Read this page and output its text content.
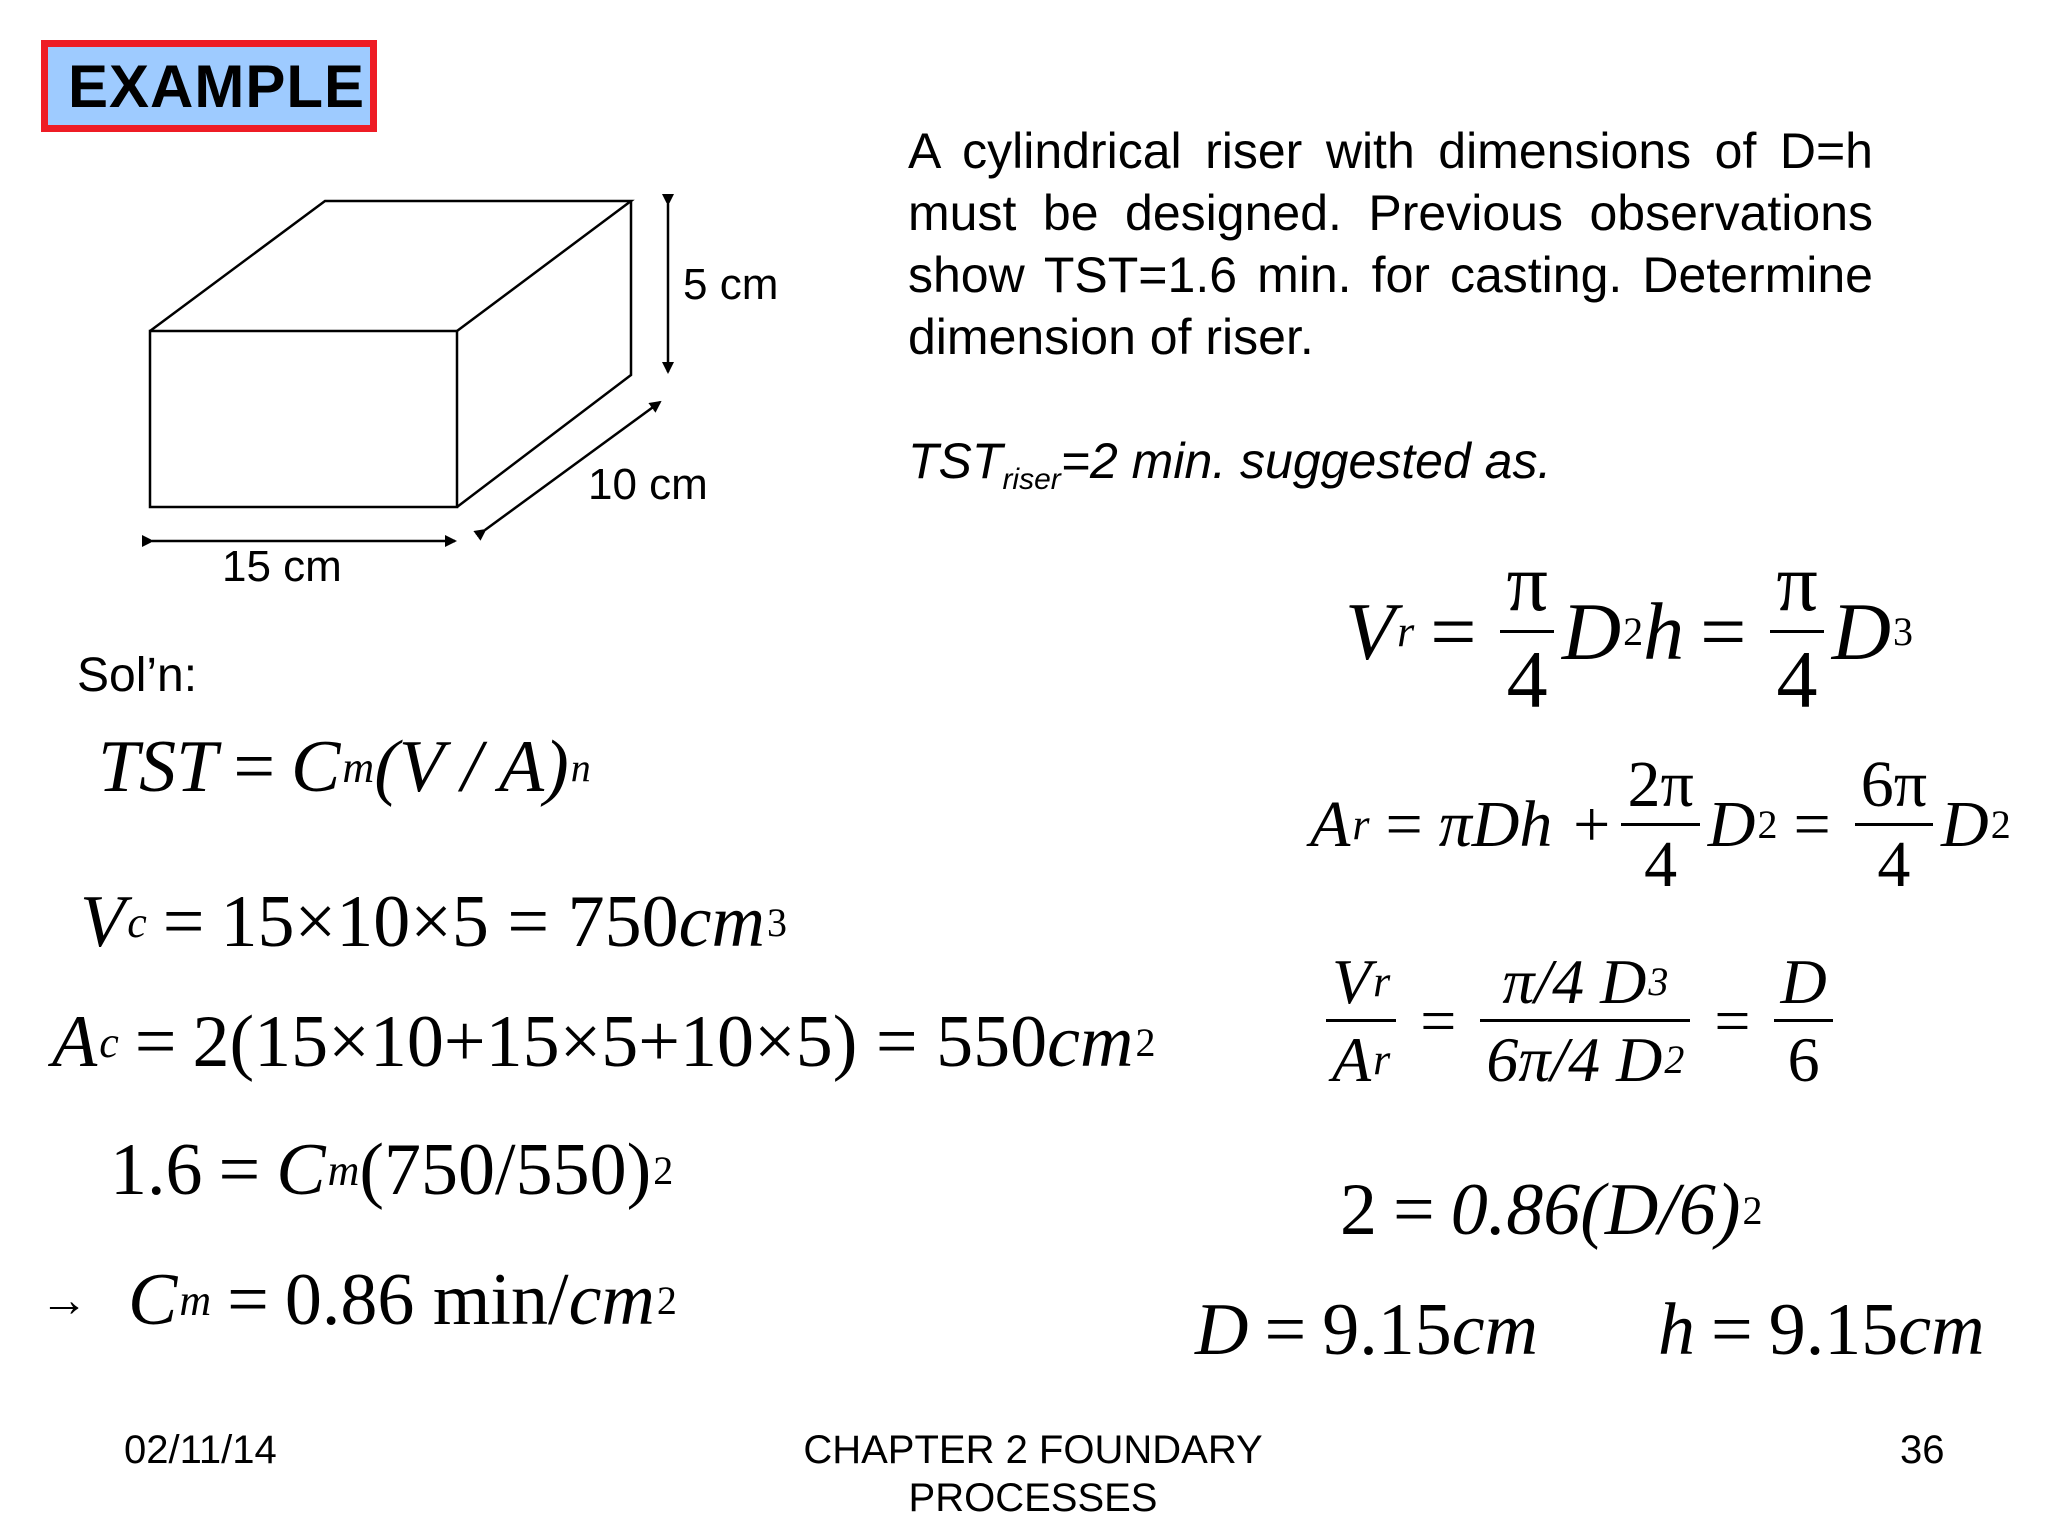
EXAMPLE
5 cm
10 cm
15 cm
A cylindrical riser with dimensions of D=h must be designed. Previous observations show TST=1.6 min. for casting. Determine dimension of riser.
$TST_{riser}=2$ min. suggested as.
Sol’n:
TST = C m (V / A) n
V c = 15×10×5 = 750 cm 3
A c = 2(15×10+15×5+10×5) = 550 cm 2
1.6 = C m (750/550) 2
→ C m = 0.86 min/ cm 2
V $r = \frac{\pi}{4}$ D 2 $h = \frac{\pi}{4}$ D 3
A $r = \pi Dh + \frac{2\pi}{4}$ D $2 = \frac{6\pi}{4}$ D 2
$\frac{\text{V r}}{\text{A r}} = \frac{\pi/4 D 3}{6\pi/4 D 2} = \frac{D}{6}$
2 = 0.86(D/6) 2
D = 9.15 cm h = 9.15 cm
02/11/14	CHAPTER 2 FOUNDARY PROCESSES
36
